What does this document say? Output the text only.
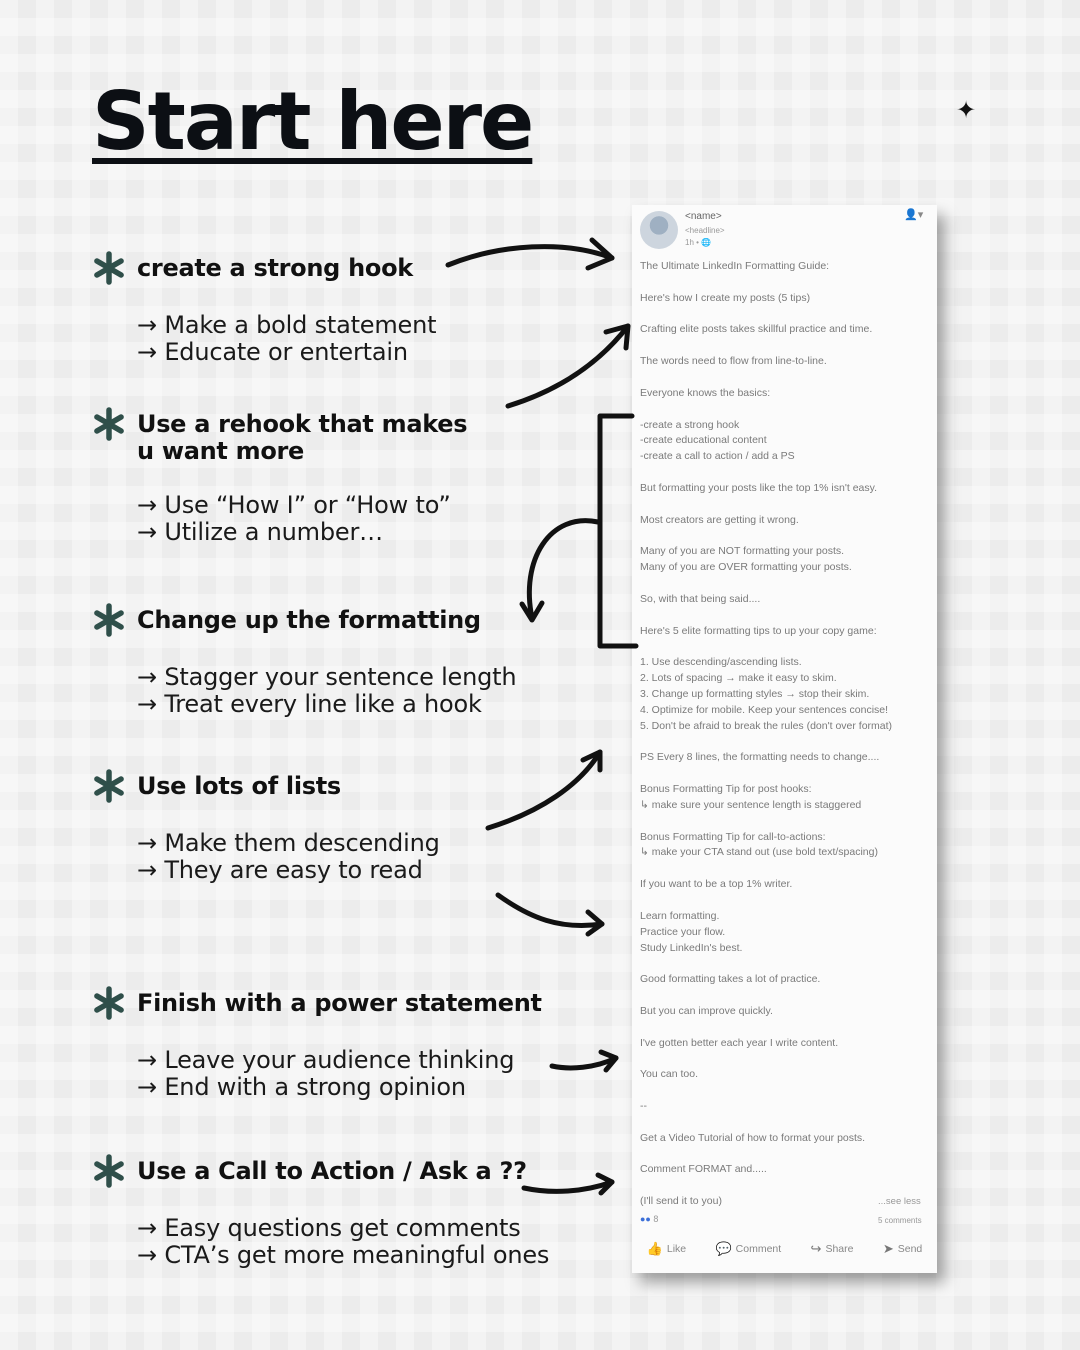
Start here	✦
create a strong hook
→ Make a bold statement
→ Educate or entertain
Use a rehook that makes
u want more
→ Use “How I” or “How to”
→ Utilize a number…
Change up the formatting
→ Stagger your sentence length
→ Treat every line like a hook
Use lots of lists
→ Make them descending
→ They are easy to read
Finish with a power statement
→ Leave your audience thinking
→ End with a strong opinion
Use a Call to Action / Ask a ??
→ Easy questions get comments
→ CTA’s get more meaningful ones
<name>
<headline>
1h • 🌐
👤▾
The Ultimate LinkedIn Formatting Guide:
Here's how I create my posts (5 tips)
Crafting elite posts takes skillful practice and time.
The words need to flow from line-to-line.
Everyone knows the basics:
-create a strong hook
-create educational content
-create a call to action / add a PS
But formatting your posts like the top 1% isn't easy.
Most creators are getting it wrong.
Many of you are NOT formatting your posts.
Many of you are OVER formatting your posts.
So, with that being said....
Here's 5 elite formatting tips to up your copy game:
1. Use descending/ascending lists.
2. Lots of spacing → make it easy to skim.
3. Change up formatting styles → stop their skim.
4. Optimize for mobile. Keep your sentences concise!
5. Don't be afraid to break the rules (don't over format)
PS Every 8 lines, the formatting needs to change....
Bonus Formatting Tip for post hooks:
↳ make sure your sentence length is staggered
Bonus Formatting Tip for call-to-actions:
↳ make your CTA stand out (use bold text/spacing)
If you want to be a top 1% writer.
Learn formatting.
Practice your flow.
Study LinkedIn's best.
Good formatting takes a lot of practice.
But you can improve quickly.
I've gotten better each year I write content.
You can too.
--
Get a Video Tutorial of how to format your posts.
Comment FORMAT and.....
(I'll send it to you)	...see less
●● 8	5 comments
👍 Like 💬 Comment ↪ Share ➤ Send
